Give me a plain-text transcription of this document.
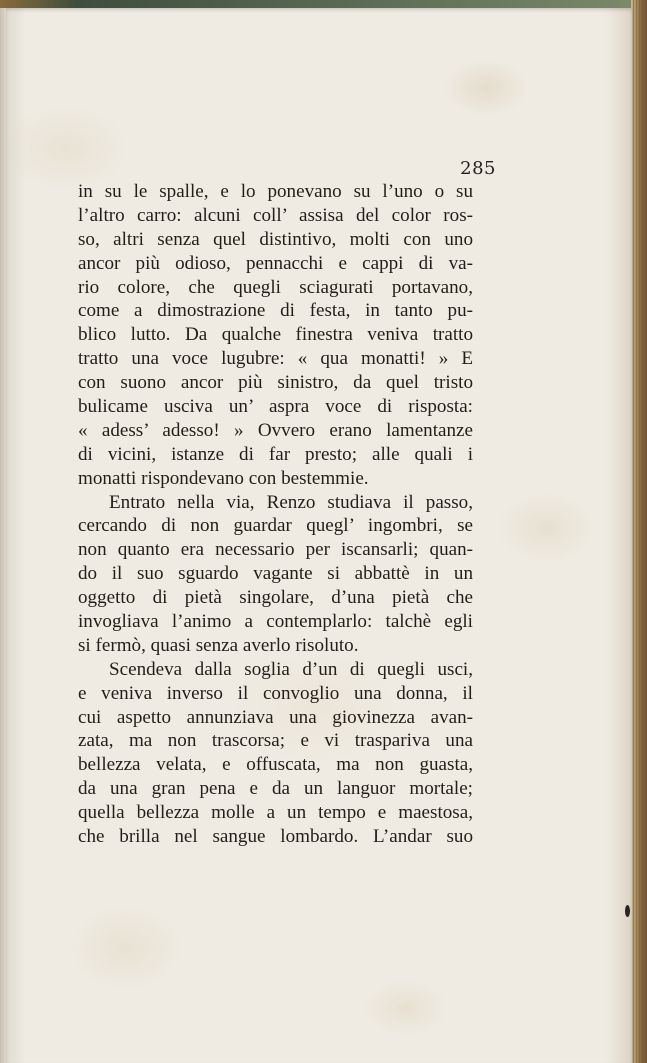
285
in su le spalle, e lo ponevano su l’uno o su
l’altro carro: alcuni coll’ assisa del color ros-
so, altri senza quel distintivo, molti con uno
ancor più odioso, pennacchi e cappi di va-
rio colore, che quegli sciagurati portavano,
come a dimostrazione di festa, in tanto pu-
blico lutto. Da qualche finestra veniva tratto
tratto una voce lugubre: « qua monatti! » E
con suono ancor più sinistro, da quel tristo
bulicame usciva un’ aspra voce di risposta:
« adess’ adesso! » Ovvero erano lamentanze
di vicini, istanze di far presto; alle quali i
monatti rispondevano con bestemmie.
Entrato nella via, Renzo studiava il passo,
cercando di non guardar quegl’ ingombri, se
non quanto era necessario per iscansarli; quan-
do il suo sguardo vagante si abbattè in un
oggetto di pietà singolare, d’una pietà che
invogliava l’animo a contemplarlo: talchè egli
si fermò, quasi senza averlo risoluto.
Scendeva dalla soglia d’un di quegli usci,
e veniva inverso il convoglio una donna, il
cui aspetto annunziava una giovinezza avan-
zata, ma non trascorsa; e vi traspariva una
bellezza velata, e offuscata, ma non guasta,
da una gran pena e da un languor mortale;
quella bellezza molle a un tempo e maestosa,
che brilla nel sangue lombardo. L’andar suo
